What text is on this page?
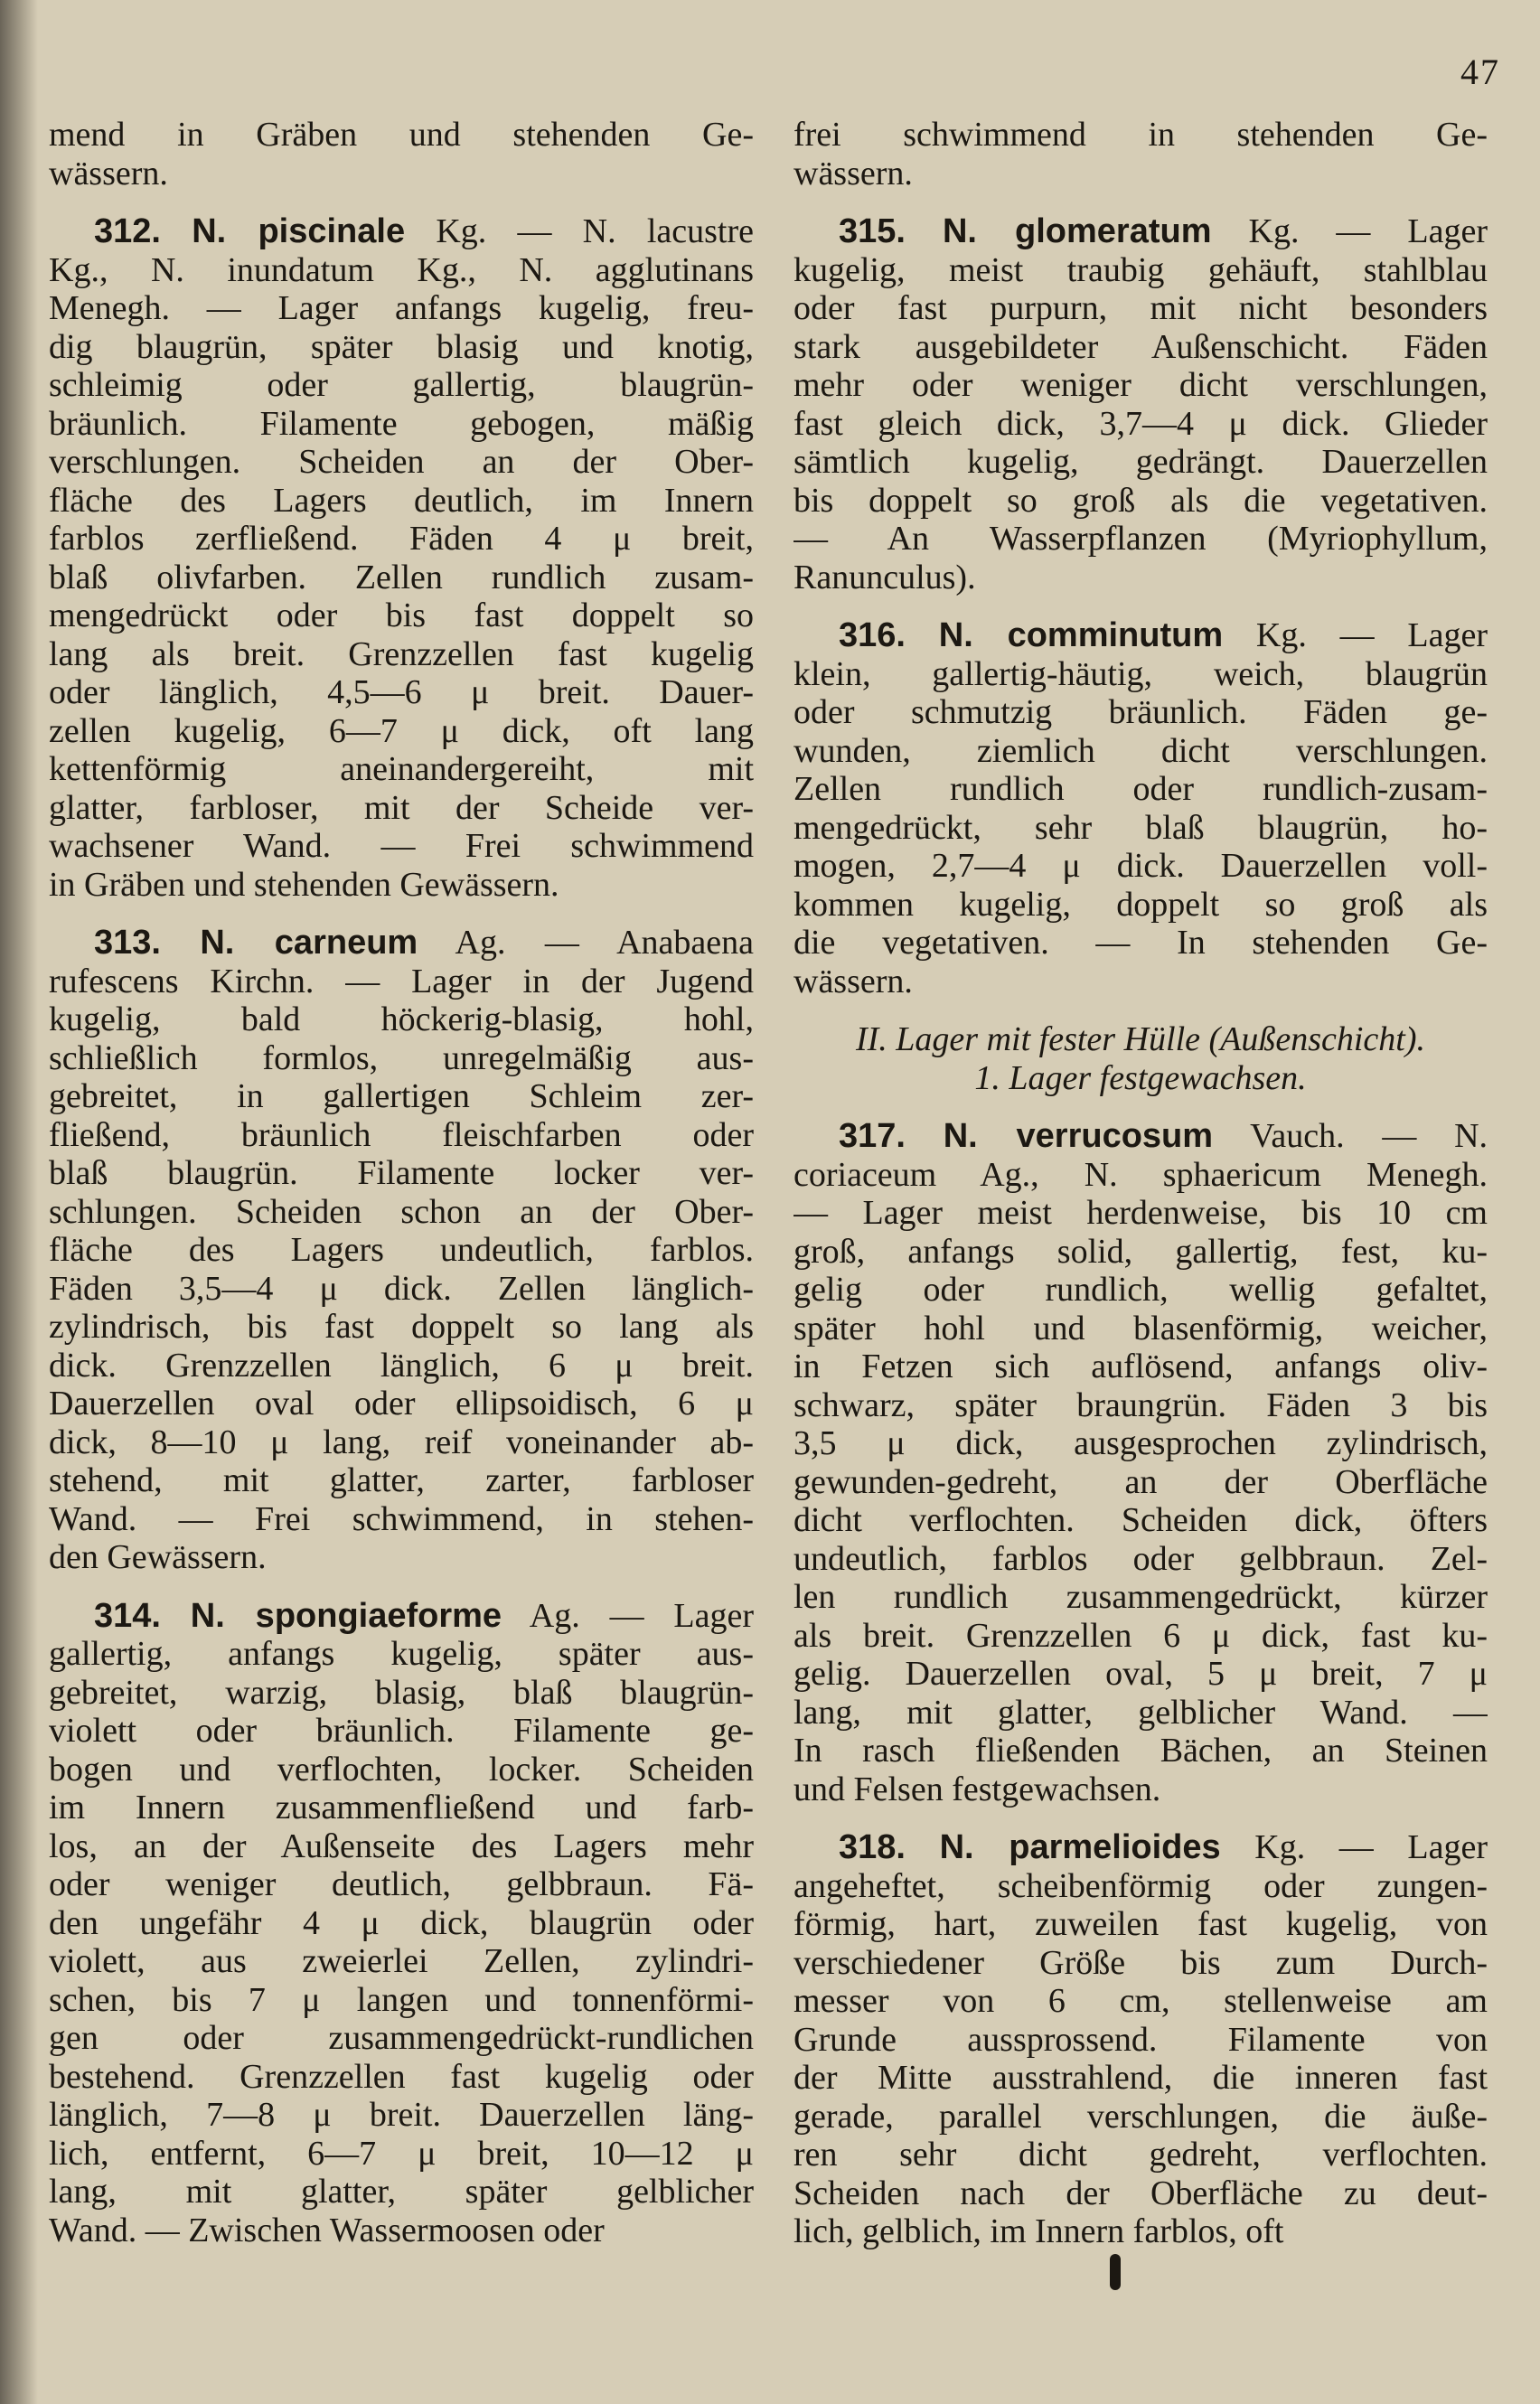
47
mend in Gräben und stehenden Ge-
wässern.
312. N. piscinale Kg. — N. lacustre
Kg., N. inundatum Kg., N. agglutinans
Menegh. — Lager anfangs kugelig, freu-
dig blaugrün, später blasig und knotig,
schleimig oder gallertig, blaugrün-
bräunlich. Filamente gebogen, mäßig
verschlungen. Scheiden an der Ober-
fläche des Lagers deutlich, im Innern
farblos zerfließend. Fäden 4 μ breit,
blaß olivfarben. Zellen rundlich zusam-
mengedrückt oder bis fast doppelt so
lang als breit. Grenzzellen fast kugelig
oder länglich, 4,5—6 μ breit. Dauer-
zellen kugelig, 6—7 μ dick, oft lang
kettenförmig aneinandergereiht, mit
glatter, farbloser, mit der Scheide ver-
wachsener Wand. — Frei schwimmend
in Gräben und stehenden Gewässern.
313. N. carneum Ag. — Anabaena
rufescens Kirchn. — Lager in der Jugend
kugelig, bald höckerig-blasig, hohl,
schließlich formlos, unregelmäßig aus-
gebreitet, in gallertigen Schleim zer-
fließend, bräunlich fleischfarben oder
blaß blaugrün. Filamente locker ver-
schlungen. Scheiden schon an der Ober-
fläche des Lagers undeutlich, farblos.
Fäden 3,5—4 μ dick. Zellen länglich-
zylindrisch, bis fast doppelt so lang als
dick. Grenzzellen länglich, 6 μ breit.
Dauerzellen oval oder ellipsoidisch, 6 μ
dick, 8—10 μ lang, reif voneinander ab-
stehend, mit glatter, zarter, farbloser
Wand. — Frei schwimmend, in stehen-
den Gewässern.
314. N. spongiaeforme Ag. — Lager
gallertig, anfangs kugelig, später aus-
gebreitet, warzig, blasig, blaß blaugrün-
violett oder bräunlich. Filamente ge-
bogen und verflochten, locker. Scheiden
im Innern zusammenfließend und farb-
los, an der Außenseite des Lagers mehr
oder weniger deutlich, gelbbraun. Fä-
den ungefähr 4 μ dick, blaugrün oder
violett, aus zweierlei Zellen, zylindri-
schen, bis 7 μ langen und tonnenförmi-
gen oder zusammengedrückt-rundlichen
bestehend. Grenzzellen fast kugelig oder
länglich, 7—8 μ breit. Dauerzellen läng-
lich, entfernt, 6—7 μ breit, 10—12 μ
lang, mit glatter, später gelblicher
Wand. — Zwischen Wassermoosen oder
frei schwimmend in stehenden Ge-
wässern.
315. N. glomeratum Kg. — Lager
kugelig, meist traubig gehäuft, stahlblau
oder fast purpurn, mit nicht besonders
stark ausgebildeter Außenschicht. Fäden
mehr oder weniger dicht verschlungen,
fast gleich dick, 3,7—4 μ dick. Glieder
sämtlich kugelig, gedrängt. Dauerzellen
bis doppelt so groß als die vegetativen.
— An Wasserpflanzen (Myriophyllum,
Ranunculus).
316. N. comminutum Kg. — Lager
klein, gallertig-häutig, weich, blaugrün
oder schmutzig bräunlich. Fäden ge-
wunden, ziemlich dicht verschlungen.
Zellen rundlich oder rundlich-zusam-
mengedrückt, sehr blaß blaugrün, ho-
mogen, 2,7—4 μ dick. Dauerzellen voll-
kommen kugelig, doppelt so groß als
die vegetativen. — In stehenden Ge-
wässern.
II. Lager mit fester Hülle (Außenschicht).
1. Lager festgewachsen.
317. N. verrucosum Vauch. — N.
coriaceum Ag., N. sphaericum Menegh.
— Lager meist herdenweise, bis 10 cm
groß, anfangs solid, gallertig, fest, ku-
gelig oder rundlich, wellig gefaltet,
später hohl und blasenförmig, weicher,
in Fetzen sich auflösend, anfangs oliv-
schwarz, später braungrün. Fäden 3 bis
3,5 μ dick, ausgesprochen zylindrisch,
gewunden-gedreht, an der Oberfläche
dicht verflochten. Scheiden dick, öfters
undeutlich, farblos oder gelbbraun. Zel-
len rundlich zusammengedrückt, kürzer
als breit. Grenzzellen 6 μ dick, fast ku-
gelig. Dauerzellen oval, 5 μ breit, 7 μ
lang, mit glatter, gelblicher Wand. —
In rasch fließenden Bächen, an Steinen
und Felsen festgewachsen.
318. N. parmelioides Kg. — Lager
angeheftet, scheibenförmig oder zungen-
förmig, hart, zuweilen fast kugelig, von
verschiedener Größe bis zum Durch-
messer von 6 cm, stellenweise am
Grunde aussprossend. Filamente von
der Mitte ausstrahlend, die inneren fast
gerade, parallel verschlungen, die äuße-
ren sehr dicht gedreht, verflochten.
Scheiden nach der Oberfläche zu deut-
lich, gelblich, im Innern farblos, oft
